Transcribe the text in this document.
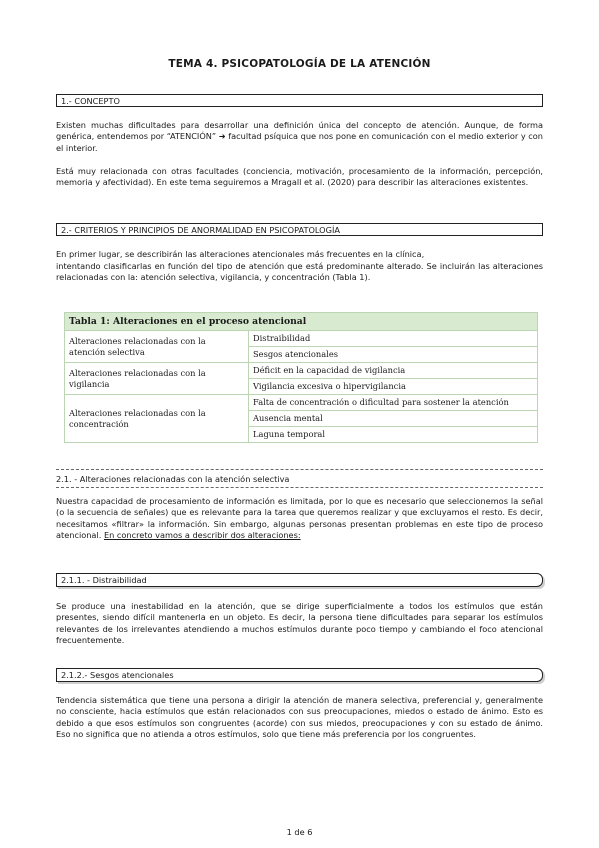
TEMA 4. PSICOPATOLOGÍA DE LA ATENCIÓN
1.- CONCEPTO
Existen muchas dificultades para desarrollar una definición única del concepto de atención. Aunque, de forma genérica, entendemos por “ATENCIÓN” ➜ facultad psíquica que nos pone en comunicación con el medio exterior y con el interior.
Está muy relacionada con otras facultades (conciencia, motivación, procesamiento de la información, percepción, memoria y afectividad). En este tema seguiremos a Mragall et al. (2020) para describir las alteraciones existentes.
2.- CRITERIOS Y PRINCIPIOS DE ANORMALIDAD EN PSICOPATOLOGÍA
En primer lugar, se describirán las alteraciones atencionales más frecuentes en la clínica,
intentando clasificarlas en función del tipo de atención que está predominante alterado. Se incluirán las alteraciones relacionadas con la: atención selectiva, vigilancia, y concentración (Tabla 1).
Tabla 1: Alteraciones en el proceso atencional	
Alteraciones relacionadas con la atención selectiva	Distraibilidad
	Sesgos atencionales
Alteraciones relacionadas con la vigilancia	Déficit en la capacidad de vigilancia
	Vigilancia excesiva o hipervigilancia
Alteraciones relacionadas con la concentración	Falta de concentración o dificultad para sostener la atención
	Ausencia mental
	Laguna temporal
2.1. - Alteraciones relacionadas con la atención selectiva
Nuestra capacidad de procesamiento de información es limitada, por lo que es necesario que seleccionemos la señal (o la secuencia de señales) que es relevante para la tarea que queremos realizar y que excluyamos el resto. Es decir, necesitamos «filtrar» la información. Sin embargo, algunas personas presentan problemas en este tipo de proceso atencional. En concreto vamos a describir dos alteraciones:
2.1.1. - Distraibilidad
Se produce una inestabilidad en la atención, que se dirige superficialmente a todos los estímulos que están presentes, siendo difícil mantenerla en un objeto. Es decir, la persona tiene dificultades para separar los estímulos relevantes de los irrelevantes atendiendo a muchos estímulos durante poco tiempo y cambiando el foco atencional frecuentemente.
2.1.2.- Sesgos atencionales
Tendencia sistemática que tiene una persona a dirigir la atención de manera selectiva, preferencial y, generalmente no consciente, hacia estímulos que están relacionados con sus preocupaciones, miedos o estado de ánimo. Esto es debido a que esos estímulos son congruentes (acorde) con sus miedos, preocupaciones y con su estado de ánimo. Eso no significa que no atienda a otros estímulos, solo que tiene más preferencia por los congruentes.
1 de 6
